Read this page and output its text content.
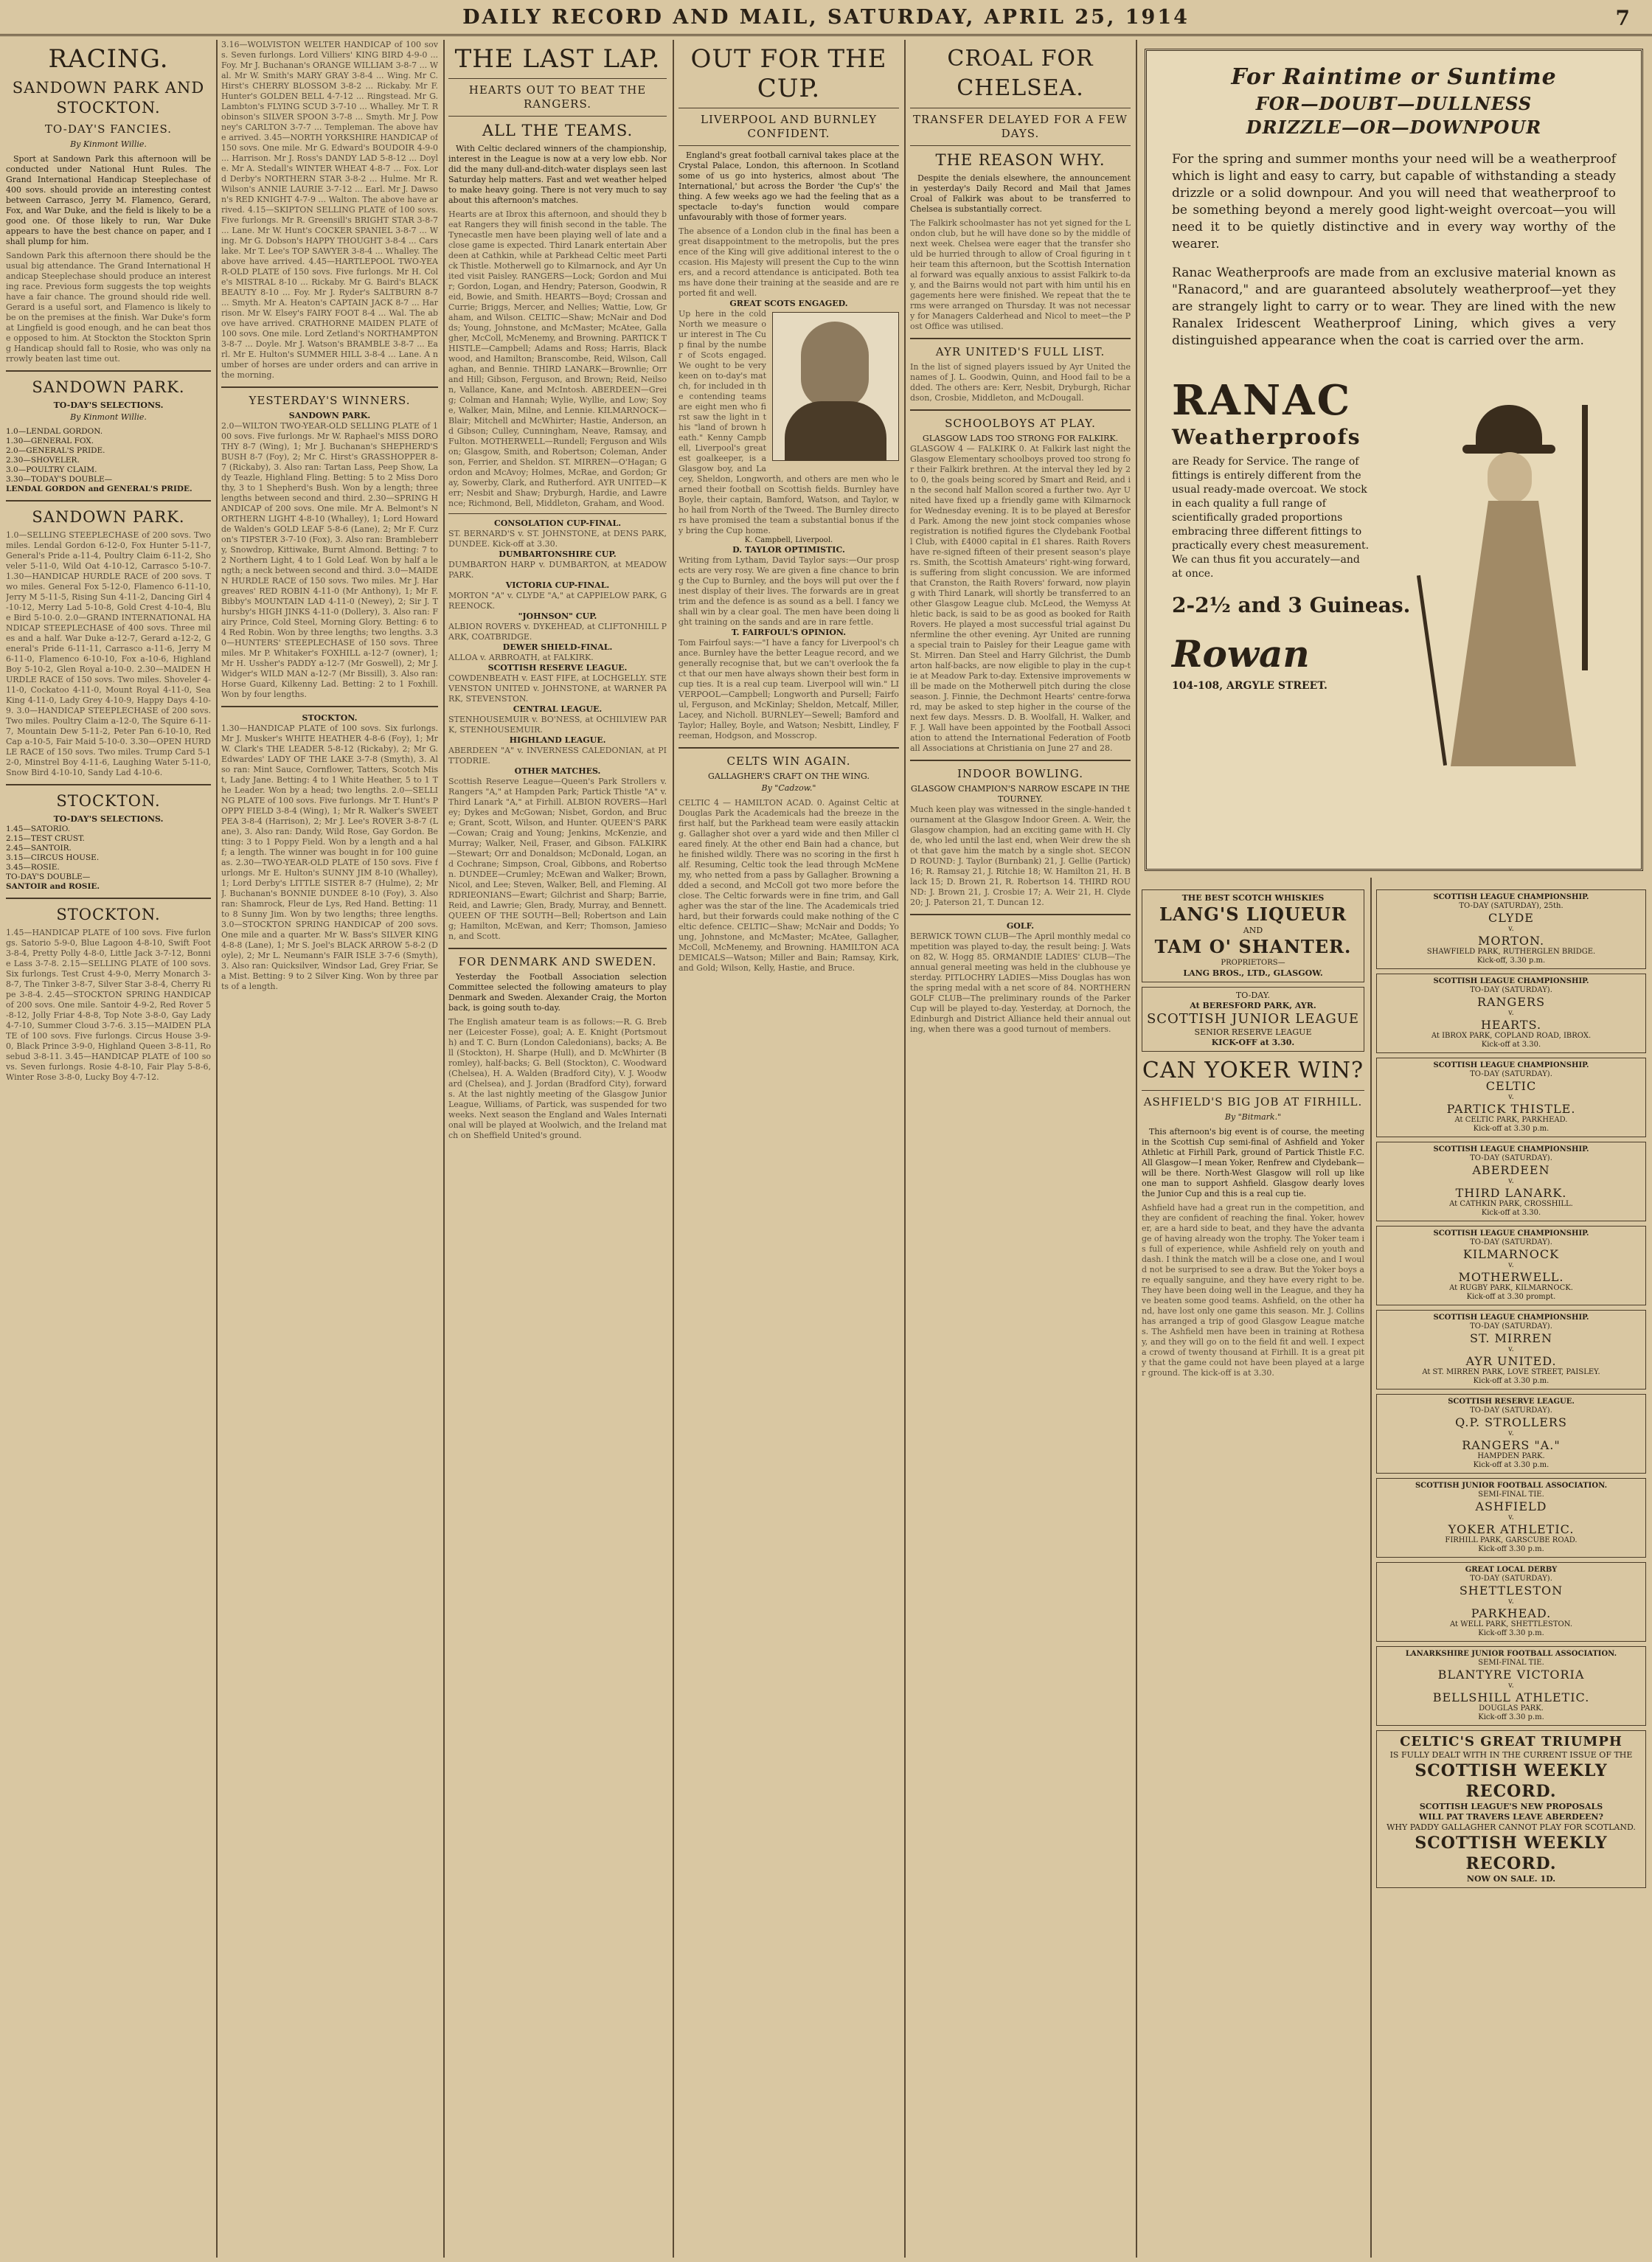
DAILY RECORD AND MAIL, SATURDAY, APRIL 25, 1914	7
RACING.
SANDOWN PARK AND STOCKTON.
TO-DAY'S FANCIES.
By Kinmont Willie.

Sport at Sandown Park this afternoon will be conducted under National Hunt Rules. The Grand International Handicap Steeplechase of 400 sovs. should provide an interesting contest between Carrasco, Jerry M. Flamenco, Gerard, Fox, and War Duke, and the field is likely to be a good one. Of those likely to run, War Duke appears to have the best chance on paper, and I shall plump for him.

Sandown Park this afternoon there should be the usual big attendance. The Grand International Handicap Steeplechase should produce an interesting race. Previous form suggests the top weights have a fair chance. The ground should ride well. Gerard is a useful sort, and Flamenco is likely to be on the premises at the finish. War Duke's form at Lingfield is good enough, and he can beat those opposed to him. At Stockton the Stockton Spring Handicap should fall to Rosie, who was only narrowly beaten last time out.
SANDOWN PARK.
TO-DAY'S SELECTIONS.
By Kinmont Willie.
1.0—LENDAL GORDON.
1.30—GENERAL FOX.
2.0—GENERAL'S PRIDE.
2.30—SHOVELER.
3.0—POULTRY CLAIM.
3.30—TODAY'S DOUBLE—
LENDAL GORDON and GENERAL'S PRIDE.
SANDOWN PARK.
1.0—SELLING STEEPLECHASE of 200 sovs. Two miles. Lendal Gordon 6-12-0, Fox Hunter 5-11-7, General's Pride a-11-4, Poultry Claim 6-11-2, Shoveler 5-11-0, Wild Oat 4-10-12, Carrasco 5-10-7. 1.30—HANDICAP HURDLE RACE of 200 sovs. Two miles. General Fox 5-12-0, Flamenco 6-11-10, Jerry M 5-11-5, Rising Sun 4-11-2, Dancing Girl 4-10-12, Merry Lad 5-10-8, Gold Crest 4-10-4, Blue Bird 5-10-0. 2.0—GRAND INTERNATIONAL HANDICAP STEEPLECHASE of 400 sovs. Three miles and a half. War Duke a-12-7, Gerard a-12-2, General's Pride 6-11-11, Carrasco a-11-6, Jerry M 6-11-0, Flamenco 6-10-10, Fox a-10-6, Highland Boy 5-10-2, Glen Royal a-10-0. 2.30—MAIDEN HURDLE RACE of 150 sovs. Two miles. Shoveler 4-11-0, Cockatoo 4-11-0, Mount Royal 4-11-0, Sea King 4-11-0, Lady Grey 4-10-9, Happy Days 4-10-9. 3.0—HANDICAP STEEPLECHASE of 200 sovs. Two miles. Poultry Claim a-12-0, The Squire 6-11-7, Mountain Dew 5-11-2, Peter Pan 6-10-10, Red Cap a-10-5, Fair Maid 5-10-0. 3.30—OPEN HURDLE RACE of 150 sovs. Two miles. Trump Card 5-12-0, Minstrel Boy 4-11-6, Laughing Water 5-11-0, Snow Bird 4-10-10, Sandy Lad 4-10-6.
STOCKTON.
TO-DAY'S SELECTIONS.
1.45—SATORIO.
2.15—TEST CRUST.
2.45—SANTOIR.
3.15—CIRCUS HOUSE.
3.45—ROSIE.
TO-DAY'S DOUBLE—
SANTOIR and ROSIE.
STOCKTON.
1.45—HANDICAP PLATE of 100 sovs. Five furlongs. Satorio 5-9-0, Blue Lagoon 4-8-10, Swift Foot 3-8-4, Pretty Polly 4-8-0, Little Jack 3-7-12, Bonnie Lass 3-7-8. 2.15—SELLING PLATE of 100 sovs. Six furlongs. Test Crust 4-9-0, Merry Monarch 3-8-7, The Tinker 3-8-7, Silver Star 3-8-4, Cherry Ripe 3-8-4. 2.45—STOCKTON SPRING HANDICAP of 200 sovs. One mile. Santoir 4-9-2, Red Rover 5-8-12, Jolly Friar 4-8-8, Top Note 3-8-0, Gay Lady 4-7-10, Summer Cloud 3-7-6. 3.15—MAIDEN PLATE of 100 sovs. Five furlongs. Circus House 3-9-0, Black Prince 3-9-0, Highland Queen 3-8-11, Rosebud 3-8-11. 3.45—HANDICAP PLATE of 100 sovs. Seven furlongs. Rosie 4-8-10, Fair Play 5-8-6, Winter Rose 3-8-0, Lucky Boy 4-7-12.
3.16—WOLVISTON WELTER HANDICAP of 100 sovs. Seven furlongs. Lord Villiers' KING BIRD 4-9-0 ... Foy. Mr J. Buchanan's ORANGE WILLIAM 3-8-7 ... Wal. Mr W. Smith's MARY GRAY 3-8-4 ... Wing. Mr C. Hirst's CHERRY BLOSSOM 3-8-2 ... Rickaby. Mr F. Hunter's GOLDEN BELL 4-7-12 ... Ringstead. Mr G. Lambton's FLYING SCUD 3-7-10 ... Whalley. Mr T. Robinson's SILVER SPOON 3-7-8 ... Smyth. Mr J. Powney's CARLTON 3-7-7 ... Templeman. The above have arrived. 3.45—NORTH YORKSHIRE HANDICAP of 150 sovs. One mile. Mr G. Edward's BOUDOIR 4-9-0 ... Harrison. Mr J. Ross's DANDY LAD 5-8-12 ... Doyle. Mr A. Stedall's WINTER WHEAT 4-8-7 ... Fox. Lord Derby's NORTHERN STAR 3-8-2 ... Hulme. Mr R. Wilson's ANNIE LAURIE 3-7-12 ... Earl. Mr J. Dawson's RED KNIGHT 4-7-9 ... Walton. The above have arrived. 4.15—SKIPTON SELLING PLATE of 100 sovs. Five furlongs. Mr R. Greensill's BRIGHT STAR 3-8-7 ... Lane. Mr W. Hunt's COCKER SPANIEL 3-8-7 ... Wing. Mr G. Dobson's HAPPY THOUGHT 3-8-4 ... Carslake. Mr T. Lee's TOP SAWYER 3-8-4 ... Whalley. The above have arrived. 4.45—HARTLEPOOL TWO-YEAR-OLD PLATE of 150 sovs. Five furlongs. Mr H. Cole's MISTRAL 8-10 ... Rickaby. Mr G. Baird's BLACK BEAUTY 8-10 ... Foy. Mr J. Ryder's SALTBURN 8-7 ... Smyth. Mr A. Heaton's CAPTAIN JACK 8-7 ... Harrison. Mr W. Elsey's FAIRY FOOT 8-4 ... Wal. The above have arrived. CRATHORNE MAIDEN PLATE of 100 sovs. One mile. Lord Zetland's NORTHAMPTON 3-8-7 ... Doyle. Mr J. Watson's BRAMBLE 3-8-7 ... Earl. Mr E. Hulton's SUMMER HILL 3-8-4 ... Lane. A number of horses are under orders and can arrive in the morning.
YESTERDAY'S WINNERS.
SANDOWN PARK.
2.0—WILTON TWO-YEAR-OLD SELLING PLATE of 100 sovs. Five furlongs. Mr W. Raphael's MISS DOROTHY 8-7 (Wing), 1; Mr J. Buchanan's SHEPHERD'S BUSH 8-7 (Foy), 2; Mr C. Hirst's GRASSHOPPER 8-7 (Rickaby), 3. Also ran: Tartan Lass, Peep Show, Lady Teazle, Highland Fling. Betting: 5 to 2 Miss Dorothy, 3 to 1 Shepherd's Bush. Won by a length; three lengths between second and third. 2.30—SPRING HANDICAP of 200 sovs. One mile. Mr A. Belmont's NORTHERN LIGHT 4-8-10 (Whalley), 1; Lord Howard de Walden's GOLD LEAF 5-8-6 (Lane), 2; Mr F. Curzon's TIPSTER 3-7-10 (Fox), 3. Also ran: Brambleberry, Snowdrop, Kittiwake, Burnt Almond. Betting: 7 to 2 Northern Light, 4 to 1 Gold Leaf. Won by half a length; a neck between second and third. 3.0—MAIDEN HURDLE RACE of 150 sovs. Two miles. Mr J. Hargreaves' RED ROBIN 4-11-0 (Mr Anthony), 1; Mr F. Bibby's MOUNTAIN LAD 4-11-0 (Newey), 2; Sir J. Thursby's HIGH JINKS 4-11-0 (Dollery), 3. Also ran: Fairy Prince, Cold Steel, Morning Glory. Betting: 6 to 4 Red Robin. Won by three lengths; two lengths. 3.30—HUNTERS' STEEPLECHASE of 150 sovs. Three miles. Mr P. Whitaker's FOXHILL a-12-7 (owner), 1; Mr H. Ussher's PADDY a-12-7 (Mr Goswell), 2; Mr J. Widger's WILD MAN a-12-7 (Mr Bissill), 3. Also ran: Horse Guard, Kilkenny Lad. Betting: 2 to 1 Foxhill. Won by four lengths.
STOCKTON.
1.30—HANDICAP PLATE of 100 sovs. Six furlongs. Mr J. Musker's WHITE HEATHER 4-8-6 (Foy), 1; Mr W. Clark's THE LEADER 5-8-12 (Rickaby), 2; Mr G. Edwardes' LADY OF THE LAKE 3-7-8 (Smyth), 3. Also ran: Mint Sauce, Cornflower, Tatters, Scotch Mist, Lady Jane. Betting: 4 to 1 White Heather, 5 to 1 The Leader. Won by a head; two lengths. 2.0—SELLING PLATE of 100 sovs. Five furlongs. Mr T. Hunt's POPPY FIELD 3-8-4 (Wing), 1; Mr R. Walker's SWEET PEA 3-8-4 (Harrison), 2; Mr J. Lee's ROVER 3-8-7 (Lane), 3. Also ran: Dandy, Wild Rose, Gay Gordon. Betting: 3 to 1 Poppy Field. Won by a length and a half; a length. The winner was bought in for 100 guineas. 2.30—TWO-YEAR-OLD PLATE of 150 sovs. Five furlongs. Mr E. Hulton's SUNNY JIM 8-10 (Whalley), 1; Lord Derby's LITTLE SISTER 8-7 (Hulme), 2; Mr J. Buchanan's BONNIE DUNDEE 8-10 (Foy), 3. Also ran: Shamrock, Fleur de Lys, Red Hand. Betting: 11 to 8 Sunny Jim. Won by two lengths; three lengths. 3.0—STOCKTON SPRING HANDICAP of 200 sovs. One mile and a quarter. Mr W. Bass's SILVER KING 4-8-8 (Lane), 1; Mr S. Joel's BLACK ARROW 5-8-2 (Doyle), 2; Mr L. Neumann's FAIR ISLE 3-7-6 (Smyth), 3. Also ran: Quicksilver, Windsor Lad, Grey Friar, Sea Mist. Betting: 9 to 2 Silver King. Won by three parts of a length.
THE LAST LAP.
HEARTS OUT TO BEAT THE RANGERS.
ALL THE TEAMS.

With Celtic declared winners of the championship, interest in the League is now at a very low ebb. Nor did the many dull-and-ditch-water displays seen last Saturday help matters. Fast and wet weather helped to make heavy going. There is not very much to say about this afternoon's matches.

Hearts are at Ibrox this afternoon, and should they beat Rangers they will finish second in the table. The Tynecastle men have been playing well of late and a close game is expected. Third Lanark entertain Aberdeen at Cathkin, while at Parkhead Celtic meet Partick Thistle. Motherwell go to Kilmarnock, and Ayr United visit Paisley. RANGERS—Lock; Gordon and Muir; Gordon, Logan, and Hendry; Paterson, Goodwin, Reid, Bowie, and Smith. HEARTS—Boyd; Crossan and Currie; Briggs, Mercer, and Nellies; Wattie, Low, Graham, and Wilson. CELTIC—Shaw; McNair and Dodds; Young, Johnstone, and McMaster; McAtee, Gallagher, McColl, McMenemy, and Browning. PARTICK THISTLE—Campbell; Adams and Ross; Harris, Blackwood, and Hamilton; Branscombe, Reid, Wilson, Callaghan, and Bennie. THIRD LANARK—Brownlie; Orr and Hill; Gibson, Ferguson, and Brown; Reid, Neilson, Vallance, Kane, and McIntosh. ABERDEEN—Greig; Colman and Hannah; Wylie, Wyllie, and Low; Soye, Walker, Main, Milne, and Lennie. KILMARNOCK—Blair; Mitchell and McWhirter; Hastie, Anderson, and Gibson; Culley, Cunningham, Neave, Ramsay, and Fulton. MOTHERWELL—Rundell; Ferguson and Wilson; Glasgow, Smith, and Robertson; Coleman, Anderson, Ferrier, and Sheldon. ST. MIRREN—O'Hagan; Gordon and McAvoy; Holmes, McRae, and Gordon; Gray, Sowerby, Clark, and Rutherford. AYR UNITED—Kerr; Nesbit and Shaw; Dryburgh, Hardie, and Lawrence; Richmond, Bell, Middleton, Graham, and Wood.
CONSOLATION CUP-FINAL.
ST. BERNARD'S v. ST. JOHNSTONE, at DENS PARK, DUNDEE. Kick-off at 3.30.
DUMBARTONSHIRE CUP.
DUMBARTON HARP v. DUMBARTON, at MEADOW PARK.
VICTORIA CUP-FINAL.
MORTON "A" v. CLYDE "A," at CAPPIELOW PARK, GREENOCK.
"JOHNSON" CUP.
ALBION ROVERS v. DYKEHEAD, at CLIFTONHILL PARK, COATBRIDGE.
DEWER SHIELD-FINAL.
ALLOA v. ARBROATH, at FALKIRK.
SCOTTISH RESERVE LEAGUE.
COWDENBEATH v. EAST FIFE, at LOCHGELLY. STEVENSTON UNITED v. JOHNSTONE, at WARNER PARK, STEVENSTON.
CENTRAL LEAGUE.
STENHOUSEMUIR v. BO'NESS, at OCHILVIEW PARK, STENHOUSEMUIR.
HIGHLAND LEAGUE.
ABERDEEN "A" v. INVERNESS CALEDONIAN, at PITTODRIE.
OTHER MATCHES.
Scottish Reserve League—Queen's Park Strollers v. Rangers "A," at Hampden Park; Partick Thistle "A" v. Third Lanark "A," at Firhill. ALBION ROVERS—Harley; Dykes and McGowan; Nisbet, Gordon, and Bruce; Grant, Scott, Wilson, and Hunter. QUEEN'S PARK—Cowan; Craig and Young; Jenkins, McKenzie, and Murray; Walker, Neil, Fraser, and Gibson. FALKIRK—Stewart; Orr and Donaldson; McDonald, Logan, and Cochrane; Simpson, Croal, Gibbons, and Robertson. DUNDEE—Crumley; McEwan and Walker; Brown, Nicol, and Lee; Steven, Walker, Bell, and Fleming. AIRDRIEONIANS—Ewart; Gilchrist and Sharp; Barrie, Reid, and Lawrie; Glen, Brady, Murray, and Bennett. QUEEN OF THE SOUTH—Bell; Robertson and Laing; Hamilton, McEwan, and Kerr; Thomson, Jamieson, and Scott.
FOR DENMARK AND SWEDEN.

Yesterday the Football Association selection Committee selected the following amateurs to play Denmark and Sweden. Alexander Craig, the Morton back, is going south to-day.

The English amateur team is as follows:—R. G. Brebner (Leicester Fosse), goal; A. E. Knight (Portsmouth) and T. C. Burn (London Caledonians), backs; A. Bell (Stockton), H. Sharpe (Hull), and D. McWhirter (Bromley), half-backs; G. Bell (Stockton), C. Woodward (Chelsea), H. A. Walden (Bradford City), V. J. Woodward (Chelsea), and J. Jordan (Bradford City), forwards. At the last nightly meeting of the Glasgow Junior League, Williams, of Partick, was suspended for two weeks. Next season the England and Wales International will be played at Woolwich, and the Ireland match on Sheffield United's ground.
OUT FOR THE CUP.
LIVERPOOL AND BURNLEY CONFIDENT.

England's great football carnival takes place at the Crystal Palace, London, this afternoon. In Scotland some of us go into hysterics, almost about 'The International,' but across the Border 'the Cup's' the thing. A few weeks ago we had the feeling that as a spectacle to-day's function would compare unfavourably with those of former years.

The absence of a London club in the final has been a great disappointment to the metropolis, but the presence of the King will give additional interest to the occasion. His Majesty will present the Cup to the winners, and a record attendance is anticipated. Both teams have done their training at the seaside and are reported fit and well.
GREAT SCOTS ENGAGED.
Up here in the cold North we measure our interest in The Cup final by the number of Scots engaged. We ought to be very keen on to-day's match, for included in the contending teams are eight men who first saw the light in this "land of brown heath." Kenny Campbell, Liverpool's greatest goalkeeper, is a Glasgow boy, and Lacey, Sheldon, Longworth, and others are men who learned their football on Scottish fields. Burnley have Boyle, their captain, Bamford, Watson, and Taylor, who hail from North of the Tweed. The Burnley directors have promised the team a substantial bonus if they bring the Cup home.
K. Campbell, Liverpool.
D. TAYLOR OPTIMISTIC.
Writing from Lytham, David Taylor says:—Our prospects are very rosy. We are given a fine chance to bring the Cup to Burnley, and the boys will put over the finest display of their lives. The forwards are in great trim and the defence is as sound as a bell. I fancy we shall win by a clear goal. The men have been doing light training on the sands and are in rare fettle.
T. FAIRFOUL'S OPINION.
Tom Fairfoul says:—"I have a fancy for Liverpool's chance. Burnley have the better League record, and we generally recognise that, but we can't overlook the fact that our men have always shown their best form in cup ties. It is a real cup team. Liverpool will win." LIVERPOOL—Campbell; Longworth and Pursell; Fairfoul, Ferguson, and McKinlay; Sheldon, Metcalf, Miller, Lacey, and Nicholl. BURNLEY—Sewell; Bamford and Taylor; Halley, Boyle, and Watson; Nesbitt, Lindley, Freeman, Hodgson, and Mosscrop.
CELTS WIN AGAIN.
GALLAGHER'S CRAFT ON THE WING.
By "Cadzow."
CELTIC 4 — HAMILTON ACAD. 0. Against Celtic at Douglas Park the Academicals had the breeze in the first half, but the Parkhead team were easily attacking. Gallagher shot over a yard wide and then Miller cleared finely. At the other end Bain had a chance, but he finished wildly. There was no scoring in the first half. Resuming, Celtic took the lead through McMenemy, who netted from a pass by Gallagher. Browning added a second, and McColl got two more before the close. The Celtic forwards were in fine trim, and Gallagher was the star of the line. The Academicals tried hard, but their forwards could make nothing of the Celtic defence. CELTIC—Shaw; McNair and Dodds; Young, Johnstone, and McMaster; McAtee, Gallagher, McColl, McMenemy, and Browning. HAMILTON ACADEMICALS—Watson; Miller and Bain; Ramsay, Kirk, and Gold; Wilson, Kelly, Hastie, and Bruce.
CROAL FOR CHELSEA.
TRANSFER DELAYED FOR A FEW DAYS.
THE REASON WHY.

Despite the denials elsewhere, the announcement in yesterday's Daily Record and Mail that James Croal of Falkirk was about to be transferred to Chelsea is substantially correct.

The Falkirk schoolmaster has not yet signed for the London club, but he will have done so by the middle of next week. Chelsea were eager that the transfer should be hurried through to allow of Croal figuring in their team this afternoon, but the Scottish International forward was equally anxious to assist Falkirk to-day, and the Bairns would not part with him until his engagements here were finished. We repeat that the terms were arranged on Thursday. It was not necessary for Managers Calderhead and Nicol to meet—the Post Office was utilised.
AYR UNITED'S FULL LIST.
In the list of signed players issued by Ayr United the names of J. L. Goodwin, Quinn, and Hood fail to be added. The others are: Kerr, Nesbit, Dryburgh, Richardson, Crosbie, Middleton, and McDougall.
SCHOOLBOYS AT PLAY.
GLASGOW LADS TOO STRONG FOR FALKIRK.
GLASGOW 4 — FALKIRK 0. At Falkirk last night the Glasgow Elementary schoolboys proved too strong for their Falkirk brethren. At the interval they led by 2 to 0, the goals being scored by Smart and Reid, and in the second half Mallon scored a further two. Ayr United have fixed up a friendly game with Kilmarnock for Wednesday evening. It is to be played at Beresford Park. Among the new joint stock companies whose registration is notified figures the Clydebank Football Club, with £4000 capital in £1 shares. Raith Rovers have re-signed fifteen of their present season's players. Smith, the Scottish Amateurs' right-wing forward, is suffering from slight concussion. We are informed that Cranston, the Raith Rovers' forward, now playing with Third Lanark, will shortly be transferred to another Glasgow League club. McLeod, the Wemyss Athletic back, is said to be as good as booked for Raith Rovers. He played a most successful trial against Dunfermline the other evening. Ayr United are running a special train to Paisley for their League game with St. Mirren. Dan Steel and Harry Gilchrist, the Dumbarton half-backs, are now eligible to play in the cup-tie at Meadow Park to-day. Extensive improvements will be made on the Motherwell pitch during the close season. J. Finnie, the Dechmont Hearts' centre-forward, may be asked to step higher in the course of the next few days. Messrs. D. B. Woolfall, H. Walker, and F. J. Wall have been appointed by the Football Association to attend the International Federation of Football Associations at Christiania on June 27 and 28.
INDOOR BOWLING.
GLASGOW CHAMPION'S NARROW ESCAPE IN THE TOURNEY.
Much keen play was witnessed in the single-handed tournament at the Glasgow Indoor Green. A. Weir, the Glasgow champion, had an exciting game with H. Clyde, who led until the last end, when Weir drew the shot that gave him the match by a single shot. SECOND ROUND: J. Taylor (Burnbank) 21, J. Gellie (Partick) 16; R. Ramsay 21, J. Ritchie 18; W. Hamilton 21, H. Black 15; D. Brown 21, R. Robertson 14. THIRD ROUND: J. Brown 21, J. Crosbie 17; A. Weir 21, H. Clyde 20; J. Paterson 21, T. Duncan 12.
GOLF.
BERWICK TOWN CLUB—The April monthly medal competition was played to-day, the result being: J. Watson 82, W. Hogg 85. ORMANDIE LADIES' CLUB—The annual general meeting was held in the clubhouse yesterday. PITLOCHRY LADIES—Miss Douglas has won the spring medal with a net score of 84. NORTHERN GOLF CLUB—The preliminary rounds of the Parker Cup will be played to-day. Yesterday, at Dornoch, the Edinburgh and District Alliance held their annual outing, when there was a good turnout of members.
For Raintime or Suntime
FOR—DOUBT—DULLNESS
DRIZZLE—OR—DOWNPOUR
For the spring and summer months your need will be a weatherproof which is light and easy to carry, but capable of withstanding a steady drizzle or a solid downpour. And you will need that weatherproof to be something beyond a merely good light-weight overcoat—you will need it to be quietly distinctive and in every way worthy of the wearer.
Ranac Weatherproofs are made from an exclusive material known as "Ranacord," and are guaranteed absolutely weatherproof—yet they are strangely light to carry or to wear. They are lined with the new Ranalex Iridescent Weatherproof Lining, which gives a very distinguished appearance when the coat is carried over the arm.
RANAC
Weatherproofs
are Ready for Service. The range of fittings is entirely different from the usual ready-made overcoat. We stock in each quality a full range of scientifically graded proportions embracing three different fittings to practically every chest measurement. We can thus fit you accurately—and at once.
2-2½ and 3 Guineas.
Rowan
104-108, ARGYLE STREET.
THE BEST SCOTCH WHISKIES
LANG'S LIQUEUR
AND
TAM O' SHANTER.
PROPRIETORS—
LANG BROS., LTD., GLASGOW.
TO-DAY.
At BERESFORD PARK, AYR.
SCOTTISH JUNIOR LEAGUE
SENIOR RESERVE LEAGUE
KICK-OFF at 3.30.
CAN YOKER WIN?
ASHFIELD'S BIG JOB AT FIRHILL.
By "Bitmark."

This afternoon's big event is of course, the meeting in the Scottish Cup semi-final of Ashfield and Yoker Athletic at Firhill Park, ground of Partick Thistle F.C. All Glasgow—I mean Yoker, Renfrew and Clydebank—will be there. North-West Glasgow will roll up like one man to support Ashfield. Glasgow dearly loves the Junior Cup and this is a real cup tie.

Ashfield have had a great run in the competition, and they are confident of reaching the final. Yoker, however, are a hard side to beat, and they have the advantage of having already won the trophy. The Yoker team is full of experience, while Ashfield rely on youth and dash. I think the match will be a close one, and I would not be surprised to see a draw. But the Yoker boys are equally sanguine, and they have every right to be. They have been doing well in the League, and they have beaten some good teams. Ashfield, on the other hand, have lost only one game this season. Mr. J. Collins has arranged a trip of good Glasgow League matches. The Ashfield men have been in training at Rothesay, and they will go on to the field fit and well. I expect a crowd of twenty thousand at Firhill. It is a great pity that the game could not have been played at a larger ground. The kick-off is at 3.30.
SCOTTISH LEAGUE CHAMPIONSHIP.
TO-DAY (SATURDAY), 25th.
CLYDE
v.
MORTON.
SHAWFIELD PARK, RUTHERGLEN BRIDGE.
Kick-off, 3.30 p.m.
SCOTTISH LEAGUE CHAMPIONSHIP.
TO-DAY (SATURDAY).
RANGERS
v.
HEARTS.
At IBROX PARK, COPLAND ROAD, IBROX.
Kick-off at 3.30.
SCOTTISH LEAGUE CHAMPIONSHIP.
TO-DAY (SATURDAY).
CELTIC
v.
PARTICK THISTLE.
At CELTIC PARK, PARKHEAD.
Kick-off at 3.30 p.m.
SCOTTISH LEAGUE CHAMPIONSHIP.
TO-DAY (SATURDAY).
ABERDEEN
v.
THIRD LANARK.
At CATHKIN PARK, CROSSHILL.
Kick-off at 3.30.
SCOTTISH LEAGUE CHAMPIONSHIP.
TO-DAY (SATURDAY).
KILMARNOCK
v.
MOTHERWELL.
At RUGBY PARK, KILMARNOCK.
Kick-off at 3.30 prompt.
SCOTTISH LEAGUE CHAMPIONSHIP.
TO-DAY (SATURDAY).
ST. MIRREN
v.
AYR UNITED.
At ST. MIRREN PARK, LOVE STREET, PAISLEY.
Kick-off at 3.30 p.m.
SCOTTISH RESERVE LEAGUE.
TO-DAY (SATURDAY).
Q.P. STROLLERS
v.
RANGERS "A."
HAMPDEN PARK.
Kick-off at 3.30 p.m.
SCOTTISH JUNIOR FOOTBALL ASSOCIATION.
SEMI-FINAL TIE.
ASHFIELD
v.
YOKER ATHLETIC.
FIRHILL PARK, GARSCUBE ROAD.
Kick-off 3.30 p.m.
GREAT LOCAL DERBY
TO-DAY (SATURDAY).
SHETTLESTON
v.
PARKHEAD.
At WELL PARK, SHETTLESTON.
Kick-off 3.30 p.m.
LANARKSHIRE JUNIOR FOOTBALL ASSOCIATION.
SEMI-FINAL TIE.
BLANTYRE VICTORIA
v.
BELLSHILL ATHLETIC.
DOUGLAS PARK.
Kick-off 3.30 p.m.
CELTIC'S GREAT TRIUMPH
IS FULLY DEALT WITH IN THE CURRENT ISSUE OF THE
SCOTTISH WEEKLY RECORD.
SCOTTISH LEAGUE'S NEW PROPOSALS
WILL PAT TRAVERS LEAVE ABERDEEN?
WHY PADDY GALLAGHER CANNOT PLAY FOR SCOTLAND.
SCOTTISH WEEKLY RECORD.
NOW ON SALE. 1D.
